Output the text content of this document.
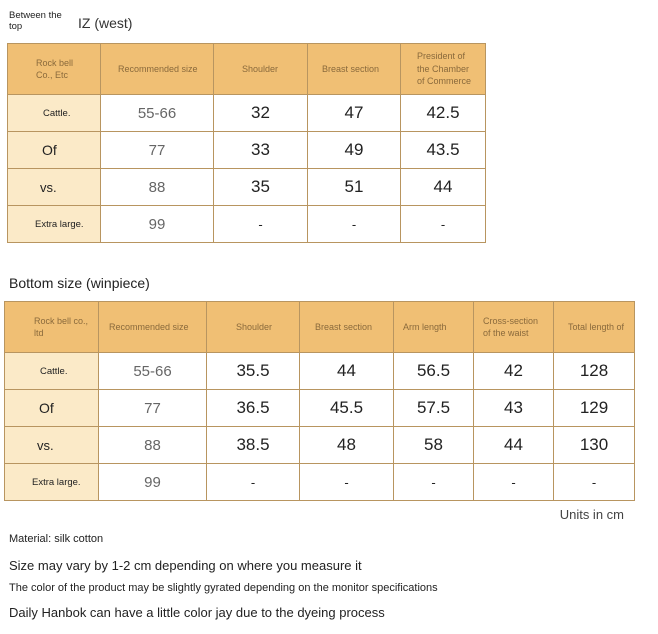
Between the top	IZ (west)
Rock bell Co., Etc	Recommended size	Shoulder	Breast section	President of the Chamber of Commerce
Cattle.	55-66	32	47	42.5
Of	77	33	49	43.5
vs.	88	35	51	44
Extra large.	99	-	-	-
Bottom size (winpiece)
Rock bell co., ltd	Recommended size	Shoulder	Breast section	Arm length	Cross-section of the waist	Total length of
Cattle.	55-66	35.5	44	56.5	42	128
Of	77	36.5	45.5	57.5	43	129
vs.	88	38.5	48	58	44	130
Extra large.	99	-	-	-	-	-
Units in cm
Material: silk cotton
Size may vary by 1-2 cm depending on where you measure it
The color of the product may be slightly gyrated depending on the monitor specifications
Daily Hanbok can have a little color jay due to the dyeing process
